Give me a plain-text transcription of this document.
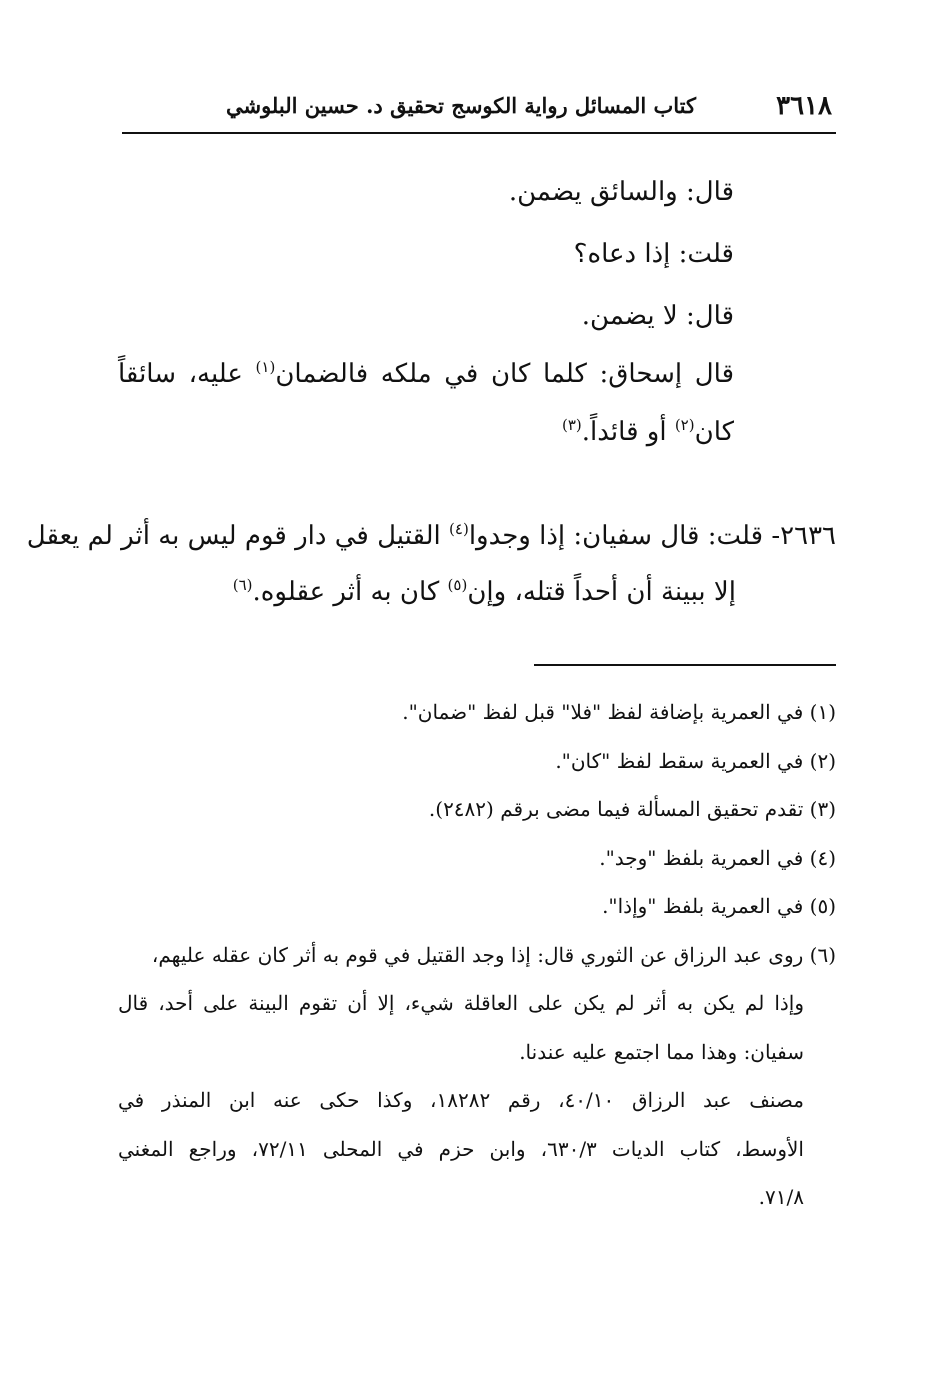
٣٦١٨
كتاب المسائل رواية الكوسج تحقيق د. حسين البلوشي
قال: والسائق يضمن.
قلت: إذا دعاه؟
قال: لا يضمن.
قال إسحاق: كلما كان في ملكه فالضمان$^{(١)}$ عليه، سائقاً
كان$^{(٢)}$ أو قائداً.$^{(٣)}$
٢٦٣٦- قلت: قال سفيان: إذا وجدوا$^{(٤)}$ القتيل في دار قوم ليس به أثر لم يعقل
إلا ببينة أن أحداً قتله، وإن$^{(٥)}$ كان به أثر عقلوه.$^{(٦)}$
(١) في العمرية بإضافة لفظ "فلا" قبل لفظ "ضمان".
(٢) في العمرية سقط لفظ "كان".
(٣) تقدم تحقيق المسألة فيما مضى برقم (٢٤٨٢).
(٤) في العمرية بلفظ "وجد".
(٥) في العمرية بلفظ "وإذا".
(٦) روى عبد الرزاق عن الثوري قال: إذا وجد القتيل في قوم به أثر كان عقله عليهم،
وإذا لم يكن به أثر لم يكن على العاقلة شيء، إلا أن تقوم البينة على أحد، قال
سفيان: وهذا مما اجتمع عليه عندنا.
مصنف عبد الرزاق ٤٠/١٠، رقم ١٨٢٨٢، وكذا حكى عنه ابن المنذر في
الأوسط، كتاب الديات ٦٣٠/٣، وابن حزم في المحلى ٧٢/١١، وراجع المغني
٧١/٨.
